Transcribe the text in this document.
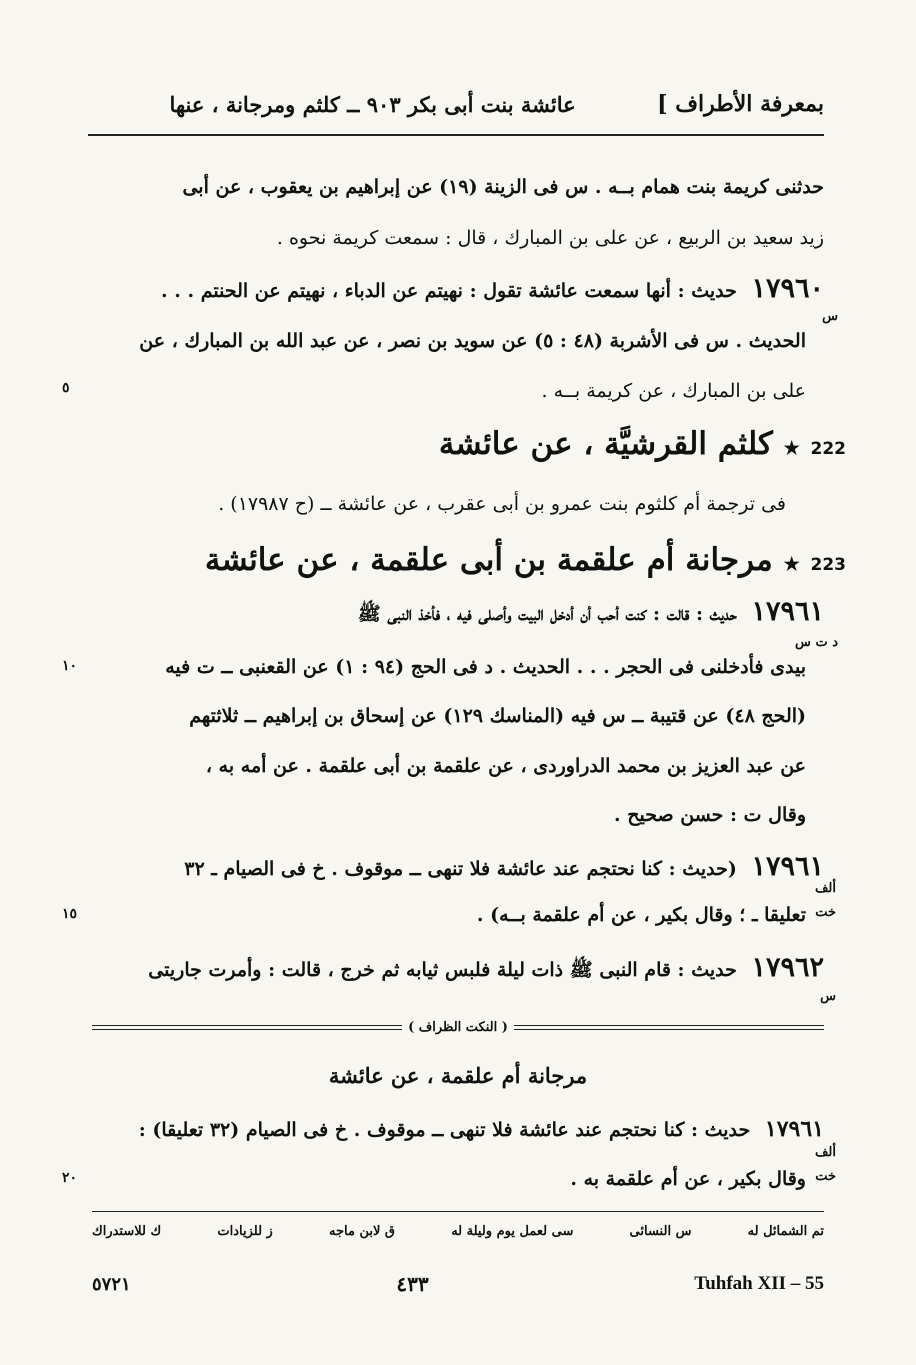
عائشة بنت أبى بكر ٩٠٣ ــ كلثم ومرجانة ، عنها	بمعرفة الأطراف ]
حدثنى كريمة بنت همام بــه . س فى الزينة (١٩) عن إبراهيم بن يعقوب ، عن أبى
زيد سعيد بن الربيع ، عن على بن المبارك ، قال : سمعت كريمة نحوه .
١٧٩٦٠ حديث : أنها سمعت عائشة تقول : نهيتم عن الدباء ، نهيتم عن الحنتم . . .
س
الحديث . س فى الأشربة (٤٨ : ٥) عن سويد بن نصر ، عن عبد الله بن المبارك ، عن
على بن المبارك ، عن كريمة بــه .
٥
222 ★ كلثم القرشيَّة ، عن عائشة
فى ترجمة أم كلثوم بنت عمرو بن أبى عقرب ، عن عائشة ــ (ح ١٧٩٨٧) .
223 ★ مرجانة أم علقمة بن أبى علقمة ، عن عائشة
١٧٩٦١ حديث : قالت : كنت أحب أن أدخل البيت وأصلى فيه ، فأخذ النبى ﷺ
د ت س
بيدى فأدخلنى فى الحجر . . . الحديث . د فى الحج (٩٤ : ١) عن القعنبى ــ ت فيه
١٠
(الحج ٤٨) عن قتيبة ــ س فيه (المناسك ١٢٩) عن إسحاق بن إبراهيم ــ ثلاثتهم
عن عبد العزيز بن محمد الدراوردى ، عن علقمة بن أبى علقمة . عن أمه به ،
وقال ت : حسن صحيح .
١٧٩٦١ (حديث : كنا نحتجم عند عائشة فلا تنهى ــ موقوف . خ فى الصيام ـ ٣٢
ألف
خت
تعليقا ـ ؛ وقال بكير ، عن أم علقمة بــه) .
١٥
١٧٩٦٢ حديث : قام النبى ﷺ ذات ليلة فلبس ثيابه ثم خرج ، قالت : وأمرت جاريتى
س
( النكت الظراف )
مرجانة أم علقمة ، عن عائشة
١٧٩٦١ حديث : كنا نحتجم عند عائشة فلا تنهى ــ موقوف . خ فى الصيام (٣٢ تعليقا) :
ألف
خت
وقال بكير ، عن أم علقمة به .
٢٠
ك للاستدراك	ز للزيادات	ق لابن ماجه	سى لعمل يوم وليلة له	س النسائى	تم الشمائل له
٥٧٢١	٤٣٣	Tuhfah XII – 55
